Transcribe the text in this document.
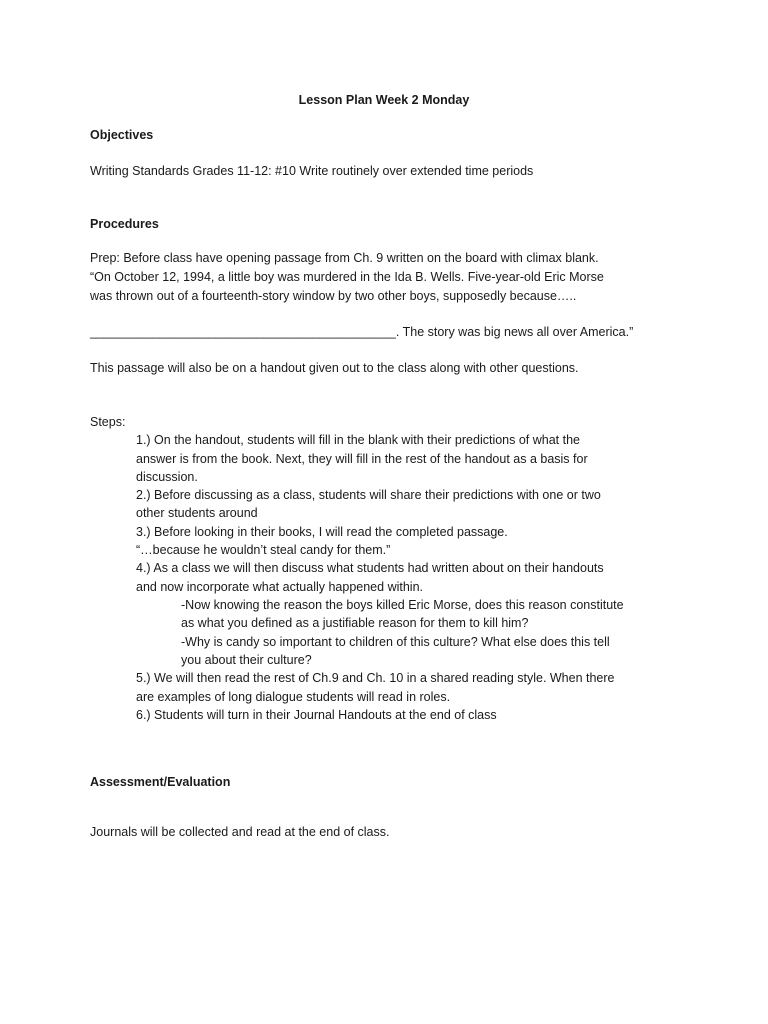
Lesson Plan Week 2 Monday
Objectives
Writing Standards Grades 11-12: #10 Write routinely over extended time periods
Procedures
Prep: Before class have opening passage from Ch. 9 written on the board with climax blank.
“On October 12, 1994, a little boy was murdered in the Ida B. Wells. Five-year-old Eric Morse
was thrown out of a fourteenth-story window by two other boys, supposedly because…..
____________________________________________. The story was big news all over America.”
This passage will also be on a handout given out to the class along with other questions.
Steps:
1.) On the handout, students will fill in the blank with their predictions of what the
answer is from the book. Next, they will fill in the rest of the handout as a basis for
discussion.
2.) Before discussing as a class, students will share their predictions with one or two
other students around
3.) Before looking in their books, I will read the completed passage.
“…because he wouldn’t steal candy for them.”
4.) As a class we will then discuss what students had written about on their handouts
and now incorporate what actually happened within.
-Now knowing the reason the boys killed Eric Morse, does this reason constitute
as what you defined as a justifiable reason for them to kill him?
-Why is candy so important to children of this culture? What else does this tell
you about their culture?
5.) We will then read the rest of Ch.9 and Ch. 10 in a shared reading style. When there
are examples of long dialogue students will read in roles.
6.) Students will turn in their Journal Handouts at the end of class
Assessment/Evaluation
Journals will be collected and read at the end of class.
